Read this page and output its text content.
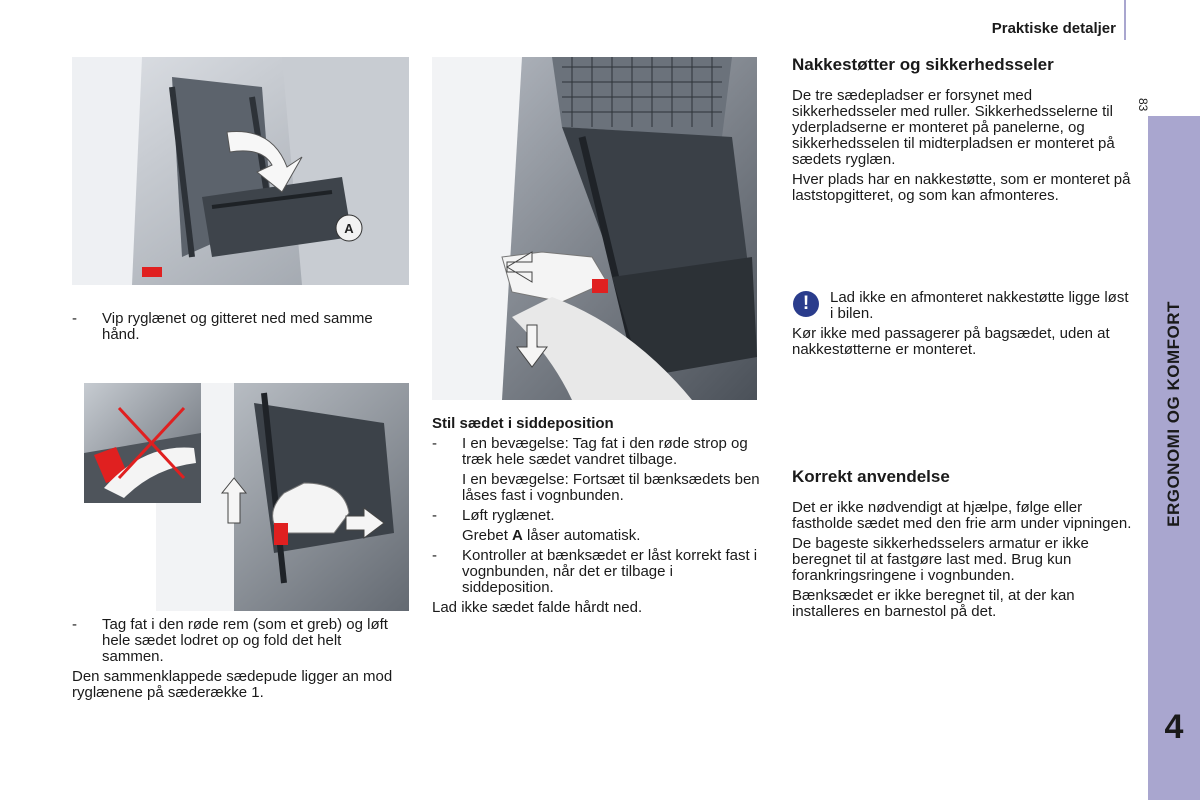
Praktiske detaljer
83
ERGONOMI OG KOMFORT
4
A
- Vip ryglænet og gitteret ned med samme hånd.
- Tag fat i den røde rem (som et greb) og løft hele sædet lodret op og fold det helt sammen.

Den sammenklappede sædepude ligger an mod ryglænene på sæderække 1.

Stil sædet i siddeposition

- I en bevægelse: Tag fat i den røde strop og træk hele sædet vandret tilbage.

I en bevægelse: Fortsæt til bænksædets ben låses fast i vognbunden.

- Løft ryglænet.

Grebet A låser automatisk.

- Kontroller at bænksædet er låst korrekt fast i vognbunden, når det er tilbage i siddeposition.

Lad ikke sædet falde hårdt ned.

Nakkestøtter og sikkerhedsseler

De tre sædepladser er forsynet med sikkerhedsseler med ruller. Sikkerhedsselerne til yderpladserne er monteret på panelerne, og sikkerhedsselen til midterpladsen er monteret på sædets ryglæn.

Hver plads har en nakkestøtte, som er monteret på laststopgitteret, og som kan afmonteres.

!	Lad ikke en afmonteret nakkestøtte ligge løst i bilen.
Kør ikke med passagerer på bagsædet, uden at nakkestøtterne er monteret.
Korrekt anvendelse

Det er ikke nødvendigt at hjælpe, følge eller fastholde sædet med den frie arm under vipningen.

De bageste sikkerhedsselers armatur er ikke beregnet til at fastgøre last med. Brug kun forankringsringene i vognbunden.

Bænksædet er ikke beregnet til, at der kan installeres en barnestol på det.
